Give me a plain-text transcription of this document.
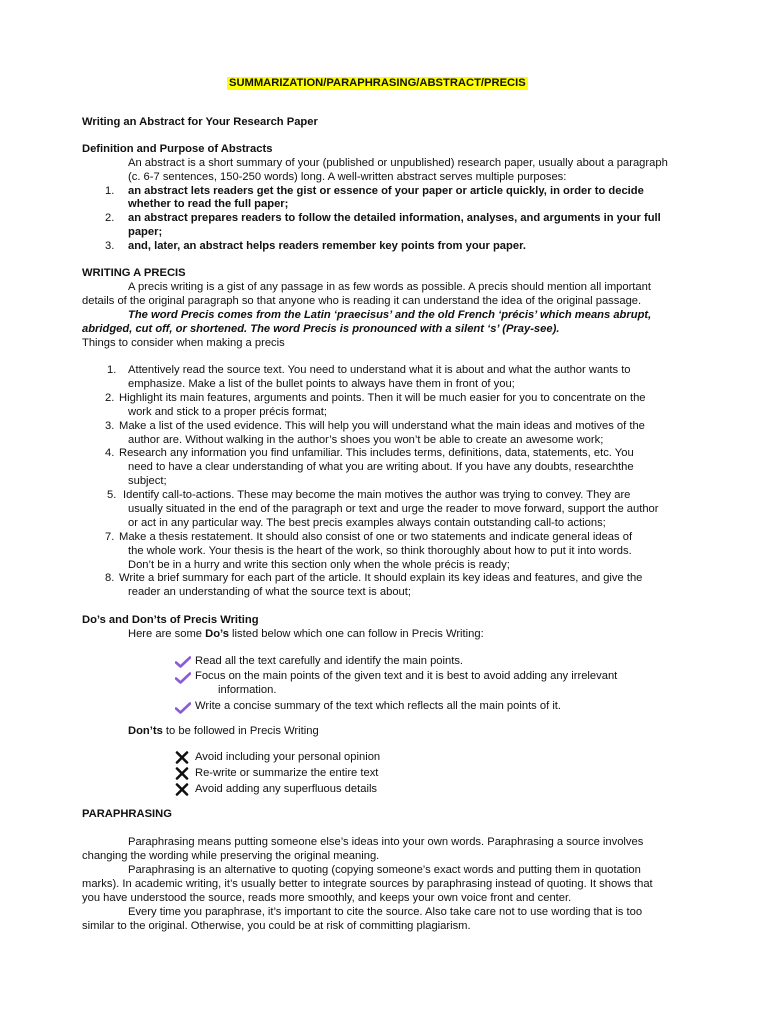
SUMMARIZATION/PARAPHRASING/ABSTRACT/PRECIS
Writing an Abstract for Your Research Paper
Definition and Purpose of Abstracts
An abstract is a short summary of your (published or unpublished) research paper, usually about a paragraph
(c. 6-7 sentences, 150-250 words) long. A well-written abstract serves multiple purposes:
1. an abstract lets readers get the gist or essence of your paper or article quickly, in order to decide
whether to read the full paper;
2. an abstract prepares readers to follow the detailed information, analyses, and arguments in your full
paper;
3. and, later, an abstract helps readers remember key points from your paper.
WRITING A PRECIS
A precis writing is a gist of any passage in as few words as possible. A precis should mention all important
details of the original paragraph so that anyone who is reading it can understand the idea of the original passage.
The word Precis comes from the Latin ‘praecisus’ and the old French ‘précis’ which means abrupt,
abridged, cut off, or shortened. The word Precis is pronounced with a silent ‘s’ (Pray-see).
Things to consider when making a precis
1. Attentively read the source text. You need to understand what it is about and what the author wants to
emphasize. Make a list of the bullet points to always have them in front of you;
2. Highlight its main features, arguments and points. Then it will be much easier for you to concentrate on the
work and stick to a proper précis format;
3. Make a list of the used evidence. This will help you will understand what the main ideas and motives of the
author are. Without walking in the author’s shoes you won’t be able to create an awesome work;
4. Research any information you find unfamiliar. This includes terms, definitions, data, statements, etc. You
need to have a clear understanding of what you are writing about. If you have any doubts, researchthe
subject;
5. Identify call-to-actions. These may become the main motives the author was trying to convey. They are
usually situated in the end of the paragraph or text and urge the reader to move forward, support the author
or act in any particular way. The best precis examples always contain outstanding call-to actions;
7. Make a thesis restatement. It should also consist of one or two statements and indicate general ideas of
the whole work. Your thesis is the heart of the work, so think thoroughly about how to put it into words.
Don’t be in a hurry and write this section only when the whole précis is ready;
8. Write a brief summary for each part of the article. It should explain its key ideas and features, and give the
reader an understanding of what the source text is about;
Do’s and Don’ts of Precis Writing
Here are some Do’s listed below which one can follow in Precis Writing:
Read all the text carefully and identify the main points.
Focus on the main points of the given text and it is best to avoid adding any irrelevant
information.
Write a concise summary of the text which reflects all the main points of it.
Don’ts to be followed in Precis Writing
Avoid including your personal opinion
Re-write or summarize the entire text
Avoid adding any superfluous details
PARAPHRASING
Paraphrasing means putting someone else’s ideas into your own words. Paraphrasing a source involves
changing the wording while preserving the original meaning.
Paraphrasing is an alternative to quoting (copying someone’s exact words and putting them in quotation
marks). In academic writing, it’s usually better to integrate sources by paraphrasing instead of quoting. It shows that
you have understood the source, reads more smoothly, and keeps your own voice front and center.
Every time you paraphrase, it’s important to cite the source. Also take care not to use wording that is too
similar to the original. Otherwise, you could be at risk of committing plagiarism.
